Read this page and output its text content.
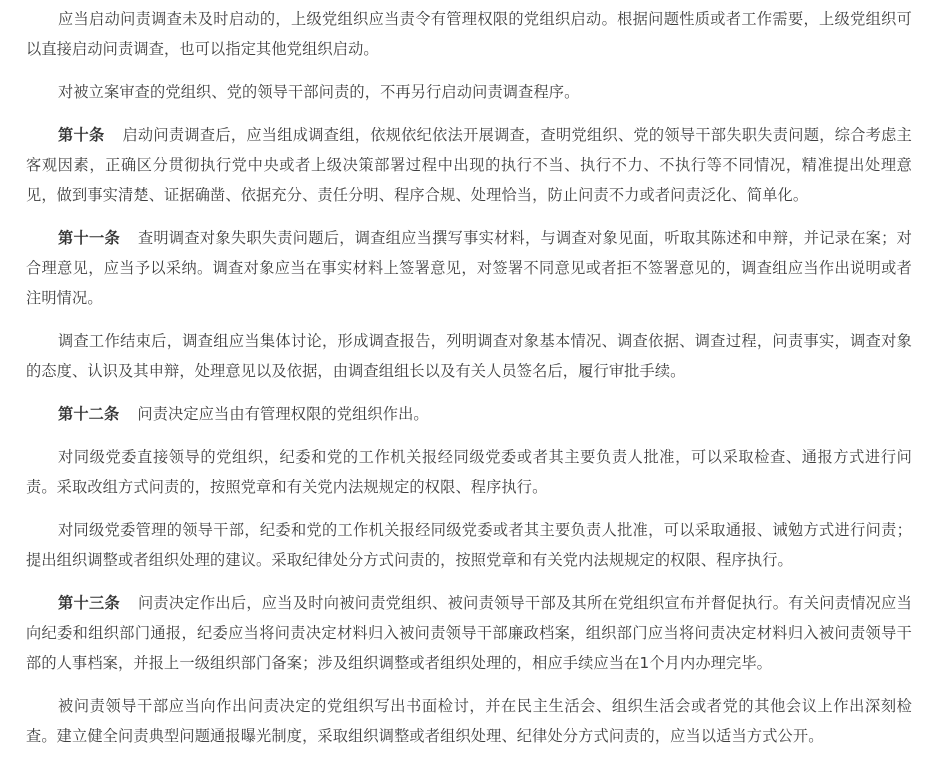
应当启动问责调查未及时启动的，上级党组织应当责令有管理权限的党组织启动。根据问题性质或者工作需要，上级党组织可以直接启动问责调查，也可以指定其他党组织启动。

对被立案审查的党组织、党的领导干部问责的，不再另行启动问责调查程序。

第十条 启动问责调查后，应当组成调查组，依规依纪依法开展调查，查明党组织、党的领导干部失职失责问题，综合考虑主客观因素，正确区分贯彻执行党中央或者上级决策部署过程中出现的执行不当、执行不力、不执行等不同情况，精准提出处理意见，做到事实清楚、证据确凿、依据充分、责任分明、程序合规、处理恰当，防止问责不力或者问责泛化、简单化。

第十一条 查明调查对象失职失责问题后，调查组应当撰写事实材料，与调查对象见面，听取其陈述和申辩，并记录在案；对合理意见，应当予以采纳。调查对象应当在事实材料上签署意见，对签署不同意见或者拒不签署意见的，调查组应当作出说明或者注明情况。

调查工作结束后，调查组应当集体讨论，形成调查报告，列明调查对象基本情况、调查依据、调查过程，问责事实，调查对象的态度、认识及其申辩，处理意见以及依据，由调查组组长以及有关人员签名后，履行审批手续。

第十二条 问责决定应当由有管理权限的党组织作出。

对同级党委直接领导的党组织，纪委和党的工作机关报经同级党委或者其主要负责人批准，可以采取检查、通报方式进行问责。采取改组方式问责的，按照党章和有关党内法规规定的权限、程序执行。

对同级党委管理的领导干部，纪委和党的工作机关报经同级党委或者其主要负责人批准，可以采取通报、诫勉方式进行问责；提出组织调整或者组织处理的建议。采取纪律处分方式问责的，按照党章和有关党内法规规定的权限、程序执行。

第十三条 问责决定作出后，应当及时向被问责党组织、被问责领导干部及其所在党组织宣布并督促执行。有关问责情况应当向纪委和组织部门通报，纪委应当将问责决定材料归入被问责领导干部廉政档案，组织部门应当将问责决定材料归入被问责领导干部的人事档案，并报上一级组织部门备案；涉及组织调整或者组织处理的，相应手续应当在1个月内办理完毕。

被问责领导干部应当向作出问责决定的党组织写出书面检讨，并在民主生活会、组织生活会或者党的其他会议上作出深刻检查。建立健全问责典型问题通报曝光制度，采取组织调整或者组织处理、纪律处分方式问责的，应当以适当方式公开。
